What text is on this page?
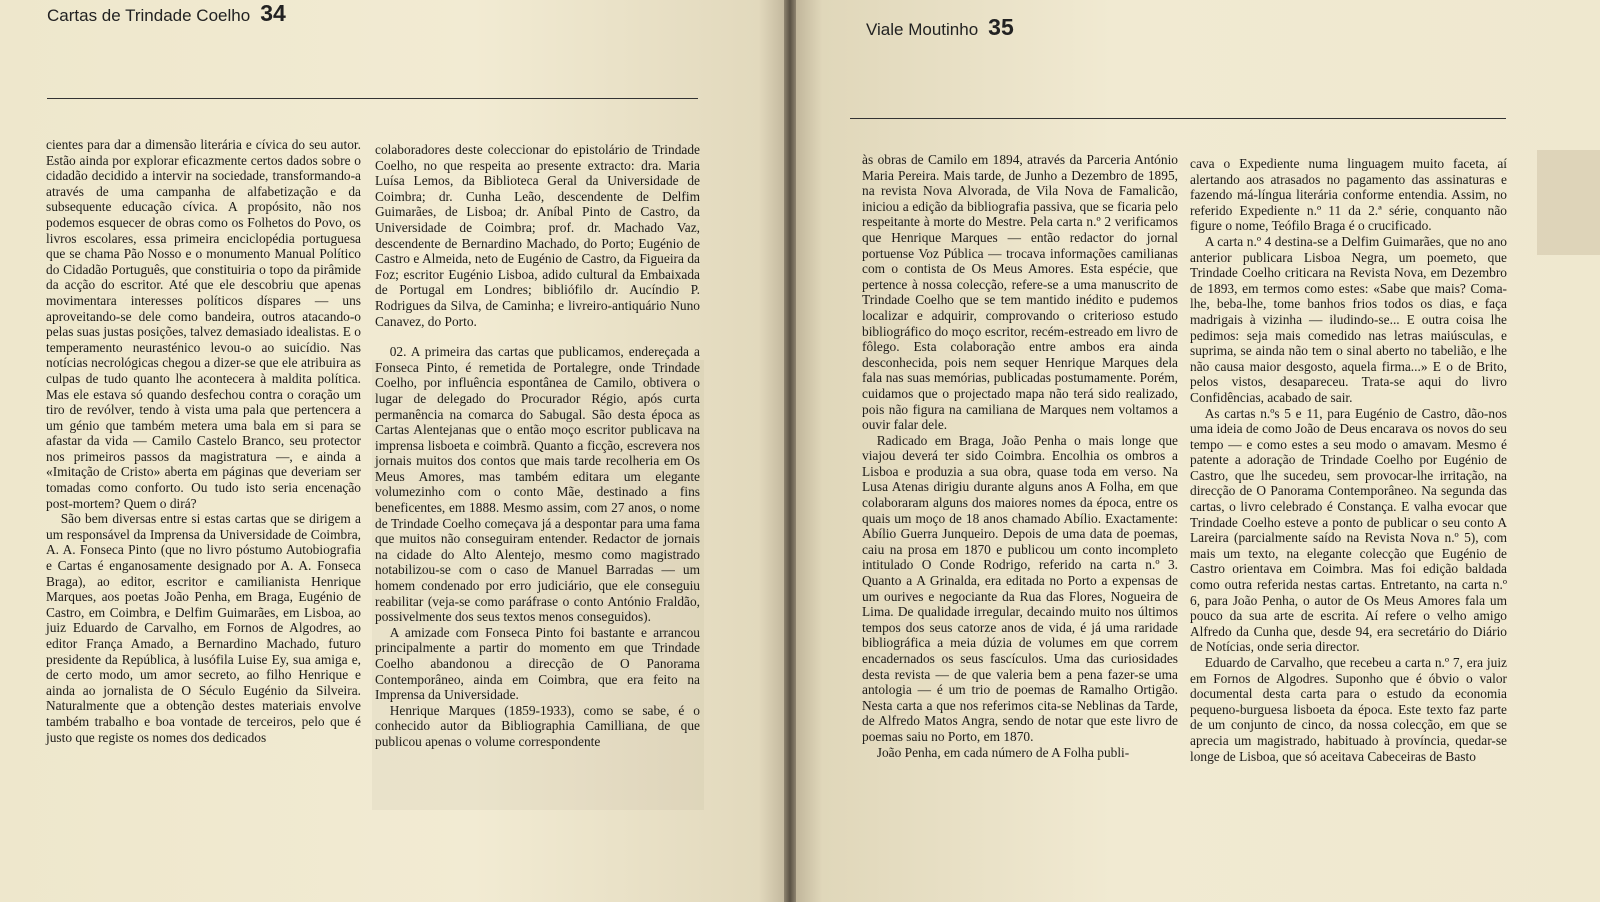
Cartas de Trindade Coelho 34

cientes para dar a dimensão literária e cívica do seu autor. Estão ainda por explorar eficazmente certos dados sobre o cidadão decidido a intervir na sociedade, transformando-a através de uma campanha de alfabetização e da subsequente educação cívica. A propósito, não nos podemos esquecer de obras como os Folhetos do Povo, os livros escolares, essa primeira enciclopédia portuguesa que se chama Pão Nosso e o monumento Manual Político do Cidadão Português, que constituiria o topo da pirâmide da acção do escritor. Até que ele descobriu que apenas movimentara interesses políticos díspares — uns aproveitando-se dele como bandeira, outros atacando-o pelas suas justas posições, talvez demasiado idealistas. E o temperamento neurasténico levou-o ao suicídio. Nas notícias necrológicas chegou a dizer-se que ele atribuira as culpas de tudo quanto lhe acontecera à maldita política. Mas ele estava só quando desfechou contra o coração um tiro de revólver, tendo à vista uma pala que pertencera a um génio que também metera uma bala em si para se afastar da vida — Camilo Castelo Branco, seu protector nos primeiros passos da magistratura —, e ainda a «Imitação de Cristo» aberta em páginas que deveriam ser tomadas como conforto. Ou tudo isto seria encenação post-mortem? Quem o dirá?

São bem diversas entre si estas cartas que se dirigem a um responsável da Imprensa da Universidade de Coimbra, A. A. Fonseca Pinto (que no livro póstumo Autobiografia e Cartas é enganosamente designado por A. A. Fonseca Braga), ao editor, escritor e camilianista Henrique Marques, aos poetas João Penha, em Braga, Eugénio de Castro, em Coimbra, e Delfim Guimarães, em Lisboa, ao juiz Eduardo de Carvalho, em Fornos de Algodres, ao editor França Amado, a Bernardino Machado, futuro presidente da República, à lusófila Luise Ey, sua amiga e, de certo modo, um amor secreto, ao filho Henrique e ainda ao jornalista de O Século Eugénio da Silveira. Naturalmente que a obtenção destes materiais envolve também trabalho e boa vontade de terceiros, pelo que é justo que registe os nomes dos dedicados

colaboradores deste coleccionar do epistolário de Trindade Coelho, no que respeita ao presente extracto: dra. Maria Luísa Lemos, da Biblioteca Geral da Universidade de Coimbra; dr. Cunha Leão, descendente de Delfim Guimarães, de Lisboa; dr. Aníbal Pinto de Castro, da Universidade de Coimbra; prof. dr. Machado Vaz, descendente de Bernardino Machado, do Porto; Eugénio de Castro e Almeida, neto de Eugénio de Castro, da Figueira da Foz; escritor Eugénio Lisboa, adido cultural da Embaixada de Portugal em Londres; bibliófilo dr. Aucíndio P. Rodrigues da Silva, de Caminha; e livreiro-antiquário Nuno Canavez, do Porto.

02. A primeira das cartas que publicamos, endereçada a Fonseca Pinto, é remetida de Portalegre, onde Trindade Coelho, por influência espontânea de Camilo, obtivera o lugar de delegado do Procurador Régio, após curta permanência na comarca do Sabugal. São desta época as Cartas Alentejanas que o então moço escritor publicava na imprensa lisboeta e coimbrã. Quanto a ficção, escrevera nos jornais muitos dos contos que mais tarde recolheria em Os Meus Amores, mas também editara um elegante volumezinho com o conto Mãe, destinado a fins beneficentes, em 1888. Mesmo assim, com 27 anos, o nome de Trindade Coelho começava já a despontar para uma fama que muitos não conseguiram entender. Redactor de jornais na cidade do Alto Alentejo, mesmo como magistrado notabilizou-se com o caso de Manuel Barradas — um homem condenado por erro judiciário, que ele conseguiu reabilitar (veja-se como paráfrase o conto António Fraldão, possivelmente dos seus textos menos conseguidos).

A amizade com Fonseca Pinto foi bastante e arrancou principalmente a partir do momento em que Trindade Coelho abandonou a direcção de O Panorama Contemporâneo, ainda em Coimbra, que era feito na Imprensa da Universidade.

Henrique Marques (1859-1933), como se sabe, é o conhecido autor da Bibliographia Camilliana, de que publicou apenas o volume correspondente

Viale Moutinho 35

às obras de Camilo em 1894, através da Parceria António Maria Pereira. Mais tarde, de Junho a Dezembro de 1895, na revista Nova Alvorada, de Vila Nova de Famalicão, iniciou a edição da bibliografia passiva, que se ficaria pelo respeitante à morte do Mestre. Pela carta n.º 2 verificamos que Henrique Marques — então redactor do jornal portuense Voz Pública — trocava informações camilianas com o contista de Os Meus Amores. Esta espécie, que pertence à nossa colecção, refere-se a uma manuscrito de Trindade Coelho que se tem mantido inédito e pudemos localizar e adquirir, comprovando o criterioso estudo bibliográfico do moço escritor, recém-estreado em livro de fôlego. Esta colaboração entre ambos era ainda desconhecida, pois nem sequer Henrique Marques dela fala nas suas memórias, publicadas postumamente. Porém, cuidamos que o projectado mapa não terá sido realizado, pois não figura na camiliana de Marques nem voltamos a ouvir falar dele.

Radicado em Braga, João Penha o mais longe que viajou deverá ter sido Coimbra. Encolhia os ombros a Lisboa e produzia a sua obra, quase toda em verso. Na Lusa Atenas dirigiu durante alguns anos A Folha, em que colaboraram alguns dos maiores nomes da época, entre os quais um moço de 18 anos chamado Abílio. Exactamente: Abílio Guerra Junqueiro. Depois de uma data de poemas, caiu na prosa em 1870 e publicou um conto incompleto intitulado O Conde Rodrigo, referido na carta n.º 3. Quanto a A Grinalda, era editada no Porto a expensas de um ourives e negociante da Rua das Flores, Nogueira de Lima. De qualidade irregular, decaindo muito nos últimos tempos dos seus catorze anos de vida, é já uma raridade bibliográfica a meia dúzia de volumes em que correm encadernados os seus fascículos. Uma das curiosidades desta revista — de que valeria bem a pena fazer-se uma antologia — é um trio de poemas de Ramalho Ortigão. Nesta carta a que nos referimos cita-se Neblinas da Tarde, de Alfredo Matos Angra, sendo de notar que este livro de poemas saiu no Porto, em 1870.

João Penha, em cada número de A Folha publi-

cava o Expediente numa linguagem muito faceta, aí alertando aos atrasados no pagamento das assinaturas e fazendo má-língua literária conforme entendia. Assim, no referido Expediente n.º 11 da 2.ª série, conquanto não figure o nome, Teófilo Braga é o crucificado.

A carta n.º 4 destina-se a Delfim Guimarães, que no ano anterior publicara Lisboa Negra, um poemeto, que Trindade Coelho criticara na Revista Nova, em Dezembro de 1893, em termos como estes: «Sabe que mais? Coma-lhe, beba-lhe, tome banhos frios todos os dias, e faça madrigais à vizinha — iludindo-se... E outra coisa lhe pedimos: seja mais comedido nas letras maiúsculas, e suprima, se ainda não tem o sinal aberto no tabelião, e lhe não causa maior desgosto, aquela firma...» E o de Brito, pelos vistos, desapareceu. Trata-se aqui do livro Confidências, acabado de sair.

As cartas n.ºs 5 e 11, para Eugénio de Castro, dão-nos uma ideia de como João de Deus encarava os novos do seu tempo — e como estes a seu modo o amavam. Mesmo é patente a adoração de Trindade Coelho por Eugénio de Castro, que lhe sucedeu, sem provocar-lhe irritação, na direcção de O Panorama Contemporâneo. Na segunda das cartas, o livro celebrado é Constança. E valha evocar que Trindade Coelho esteve a ponto de publicar o seu conto A Lareira (parcialmente saído na Revista Nova n.º 5), com mais um texto, na elegante colecção que Eugénio de Castro orientava em Coimbra. Mas foi edição baldada como outra referida nestas cartas. Entretanto, na carta n.º 6, para João Penha, o autor de Os Meus Amores fala um pouco da sua arte de escrita. Aí refere o velho amigo Alfredo da Cunha que, desde 94, era secretário do Diário de Notícias, onde seria director.

Eduardo de Carvalho, que recebeu a carta n.º 7, era juiz em Fornos de Algodres. Suponho que é óbvio o valor documental desta carta para o estudo da economia pequeno-burguesa lisboeta da época. Este texto faz parte de um conjunto de cinco, da nossa colecção, em que se aprecia um magistrado, habituado à província, quedar-se longe de Lisboa, que só aceitava Cabeceiras de Basto
